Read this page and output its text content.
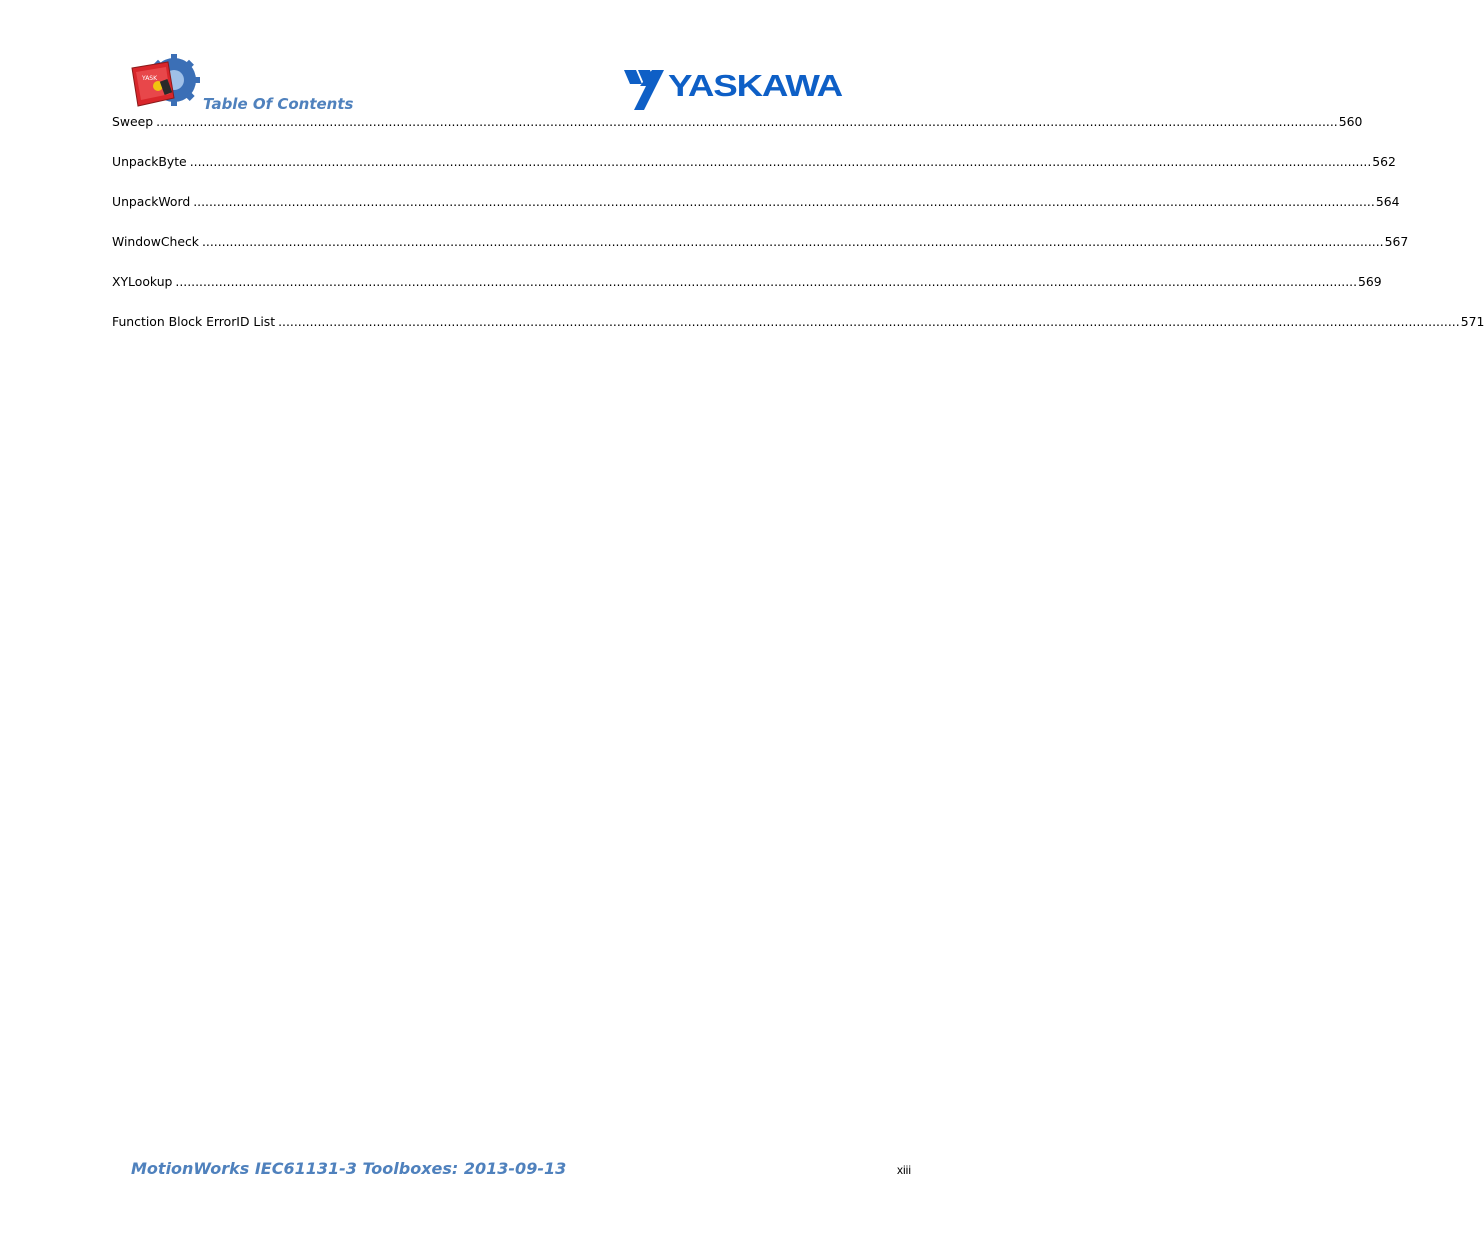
YASK
Table Of Contents
YASKAWA
Sweep ............................................................................................................................................................................................................................................................................................................ 560
UnpackByte ............................................................................................................................................................................................................................................................................................................ 562
UnpackWord ............................................................................................................................................................................................................................................................................................................ 564
WindowCheck ............................................................................................................................................................................................................................................................................................................ 567
XYLookup ............................................................................................................................................................................................................................................................................................................ 569
Function Block ErrorID List ............................................................................................................................................................................................................................................................................................................ 571
MotionWorks IEC61131-3 Toolboxes: 2013-09-13	xiii
